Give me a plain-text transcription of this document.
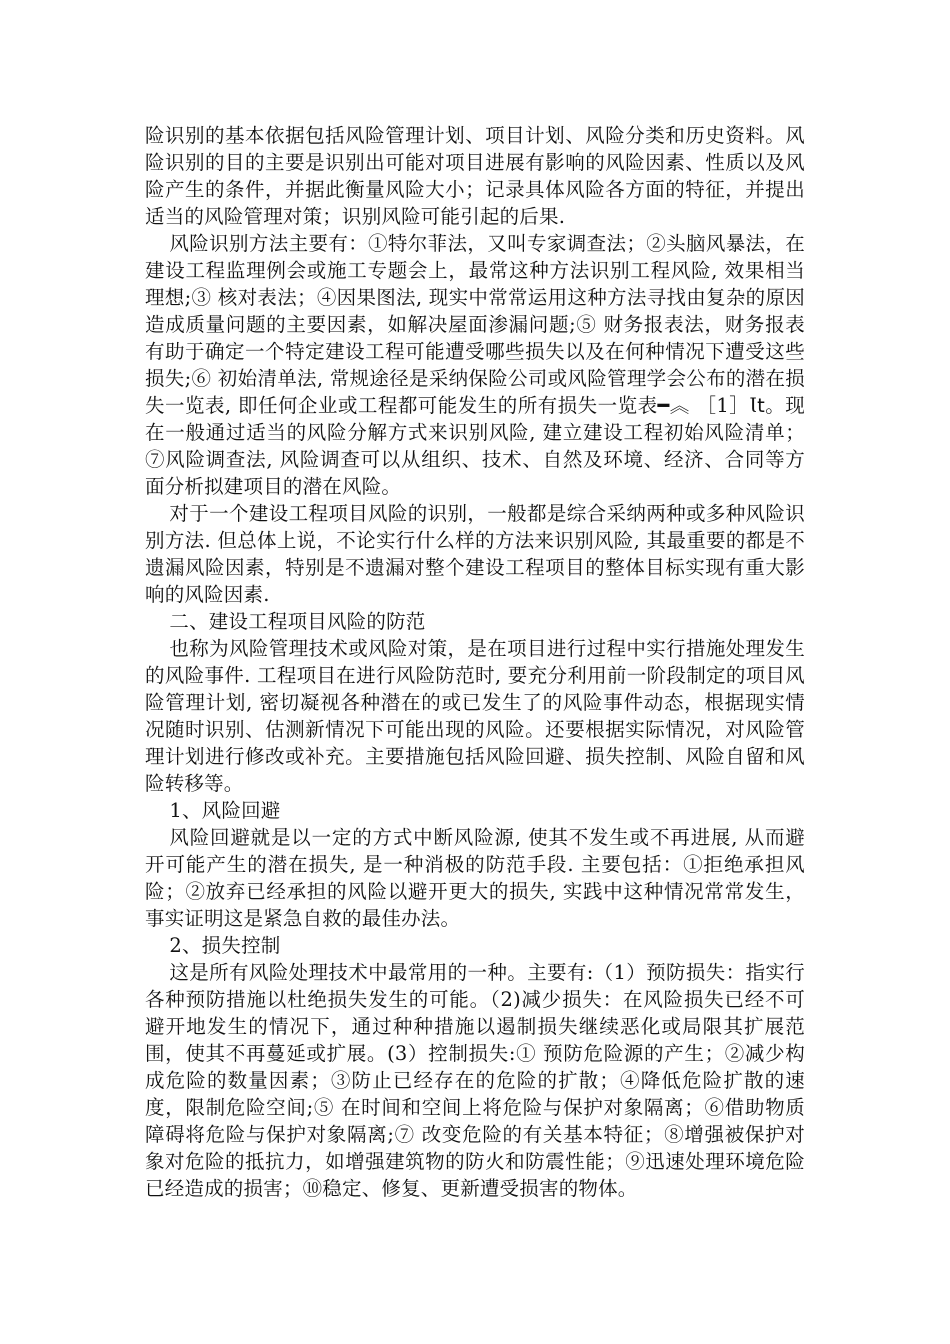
险识别的基本依据包括风险管理计划、项目计划、风险分类和历史资料。风险识别的目的主要是识别出可能对项目进展有影响的风险因素、性质以及风险产生的条件，并据此衡量风险大小；记录具体风险各方面的特征，并提出适当的风险管理对策；识别风险可能引起的后果.

风险识别方法主要有：①特尔菲法，又叫专家调查法；②头脑风暴法，在建设工程监理例会或施工专题会上，最常这种方法识别工程风险, 效果相当理想;③ 核对表法；④因果图法, 现实中常常运用这种方法寻找由复杂的原因造成质量问题的主要因素，如解决屋面渗漏问题;⑤ 财务报表法，财务报表有助于确定一个特定建设工程可能遭受哪些损失以及在何种情况下遭受这些损失;⑥ 初始清单法, 常规途径是采纳保险公司或风险管理学会公布的潜在损失一览表, 即任何企业或工程都可能发生的所有损失一览表━︽ ［1］Ɩ𝗍。现在一般通过适当的风险分解方式来识别风险, 建立建设工程初始风险清单；⑦风险调查法, 风险调查可以从组织、技术、自然及环境、经济、合同等方面分析拟建项目的潜在风险。

对于一个建设工程项目风险的识别，一般都是综合采纳两种或多种风险识别方法. 但总体上说，不论实行什么样的方法来识别风险, 其最重要的都是不遗漏风险因素，特别是不遗漏对整个建设工程项目的整体目标实现有重大影响的风险因素.

二、建设工程项目风险的防范

也称为风险管理技术或风险对策，是在项目进行过程中实行措施处理发生的风险事件. 工程项目在进行风险防范时, 要充分利用前一阶段制定的项目风险管理计划, 密切凝视各种潜在的或已发生了的风险事件动态，根据现实情况随时识别、估测新情况下可能出现的风险。还要根据实际情况，对风险管理计划进行修改或补充。主要措施包括风险回避、损失控制、风险自留和风险转移等。

1、风险回避

风险回避就是以一定的方式中断风险源, 使其不发生或不再进展, 从而避开可能产生的潜在损失, 是一种消极的防范手段. 主要包括：①拒绝承担风险；②放弃已经承担的风险以避开更大的损失, 实践中这种情况常常发生，事实证明这是紧急自救的最佳办法。

2、损失控制

这是所有风险处理技术中最常用的一种。主要有:（1）预防损失：指实行各种预防措施以杜绝损失发生的可能。（2)减少损失：在风险损失已经不可避开地发生的情况下，通过种种措施以遏制损失继续恶化或局限其扩展范围，使其不再蔓延或扩展。(3）控制损失:① 预防危险源的产生；②减少构成危险的数量因素；③防止已经存在的危险的扩散；④降低危险扩散的速度，限制危险空间;⑤ 在时间和空间上将危险与保护对象隔离；⑥借助物质障碍将危险与保护对象隔离;⑦ 改变危险的有关基本特征；⑧增强被保护对象对危险的抵抗力，如增强建筑物的防火和防震性能；⑨迅速处理环境危险已经造成的损害；⑩稳定、修复、更新遭受损害的物体。
